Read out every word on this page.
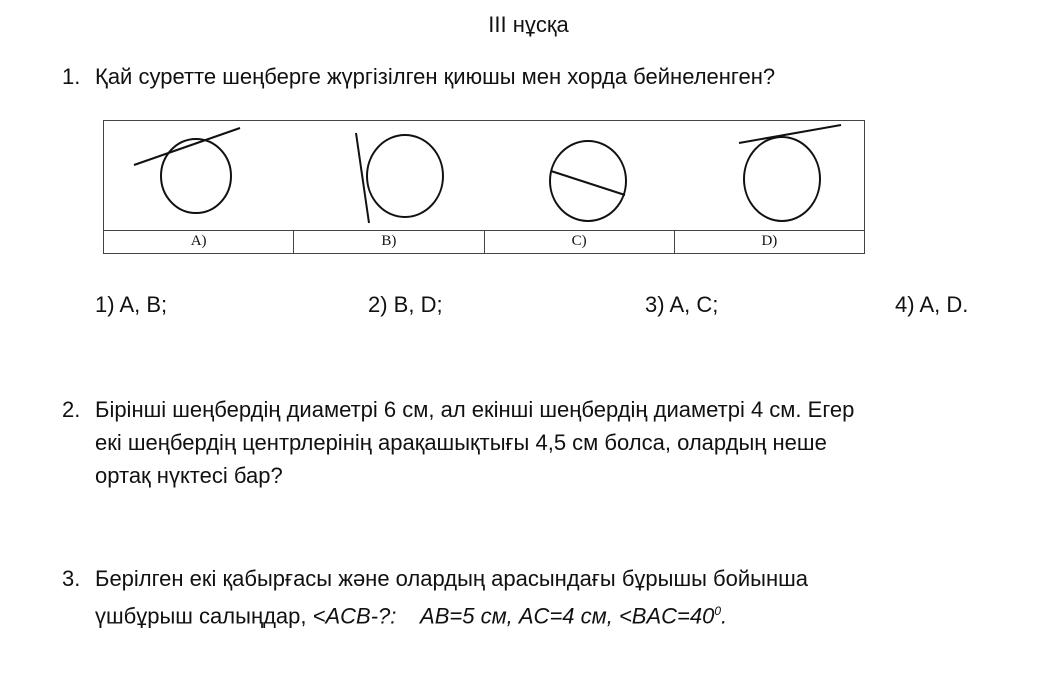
III нұсқа
1. Қай суретте шеңберге жүргізілген қиюшы мен хорда бейнеленген?
A)	B)	C)	D)
1) A, B;	2) B, D;	3) A, C;	4) A, D.
2. Бірінші шеңбердің диаметрі 6 см, ал екінші шеңбердің диаметрі 4 см. Егер
екі шеңбердің центрлерінің арақашықтығы 4,5 см болса, олардың неше
ортақ нүктесі бар?
3. Берілген екі қабырғасы және олардың арасындағы бұрышы бойынша
үшбұрыш салыңдар, <ACB-?:    AB=5 см, AC=4 см, $<BAC=40^0$.
